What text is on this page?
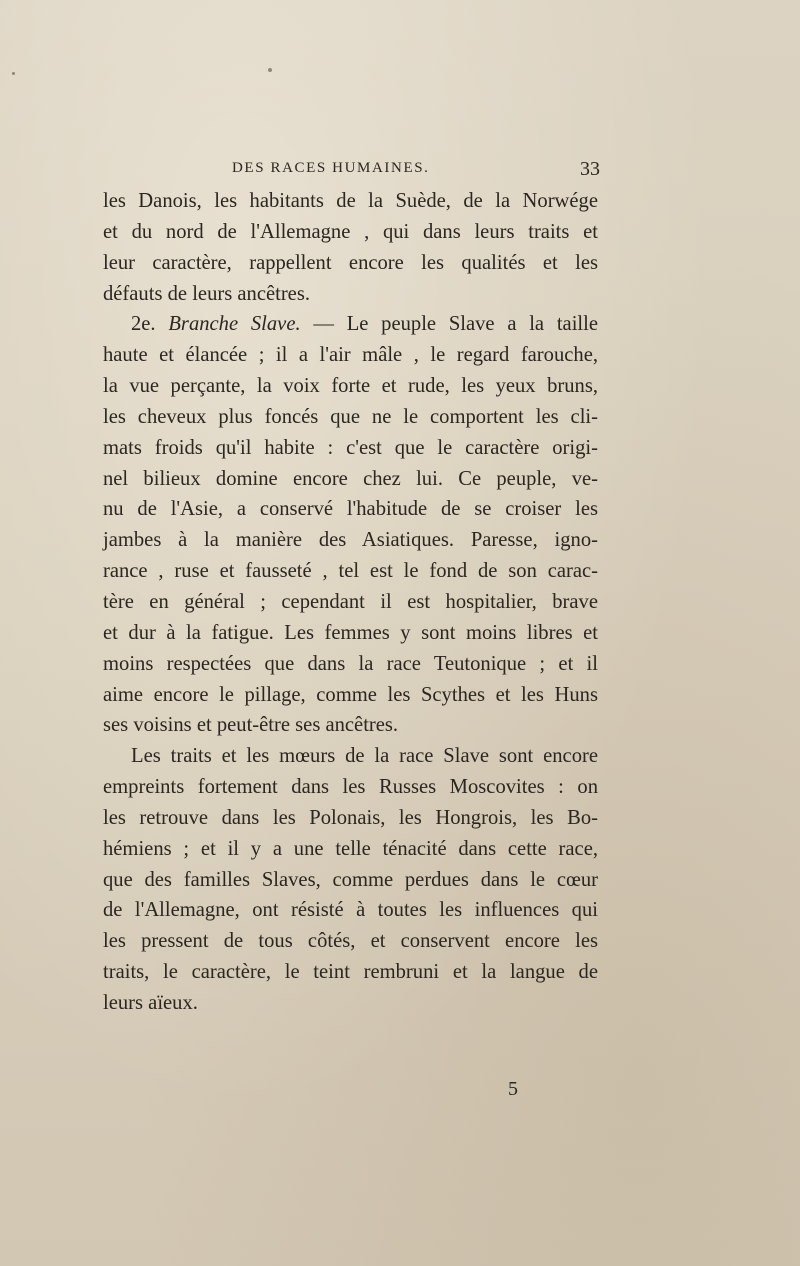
DES RACES HUMAINES.	33
les Danois, les habitants de la Suède, de la Norwége
et du nord de l'Allemagne , qui dans leurs traits et
leur caractère, rappellent encore les qualités et les
défauts de leurs ancêtres.
2e. Branche Slave. — Le peuple Slave a la taille
haute et élancée ; il a l'air mâle , le regard farouche,
la vue perçante, la voix forte et rude, les yeux bruns,
les cheveux plus foncés que ne le comportent les cli-
mats froids qu'il habite : c'est que le caractère origi-
nel bilieux domine encore chez lui. Ce peuple, ve-
nu de l'Asie, a conservé l'habitude de se croiser les
jambes à la manière des Asiatiques. Paresse, igno-
rance , ruse et fausseté , tel est le fond de son carac-
tère en général ; cependant il est hospitalier, brave
et dur à la fatigue. Les femmes y sont moins libres et
moins respectées que dans la race Teutonique ; et il
aime encore le pillage, comme les Scythes et les Huns
ses voisins et peut-être ses ancêtres.
Les traits et les mœurs de la race Slave sont encore
empreints fortement dans les Russes Moscovites : on
les retrouve dans les Polonais, les Hongrois, les Bo-
hémiens ; et il y a une telle ténacité dans cette race,
que des familles Slaves, comme perdues dans le cœur
de l'Allemagne, ont résisté à toutes les influences qui
les pressent de tous côtés, et conservent encore les
traits, le caractère, le teint rembruni et la langue de
leurs aïeux.
5
